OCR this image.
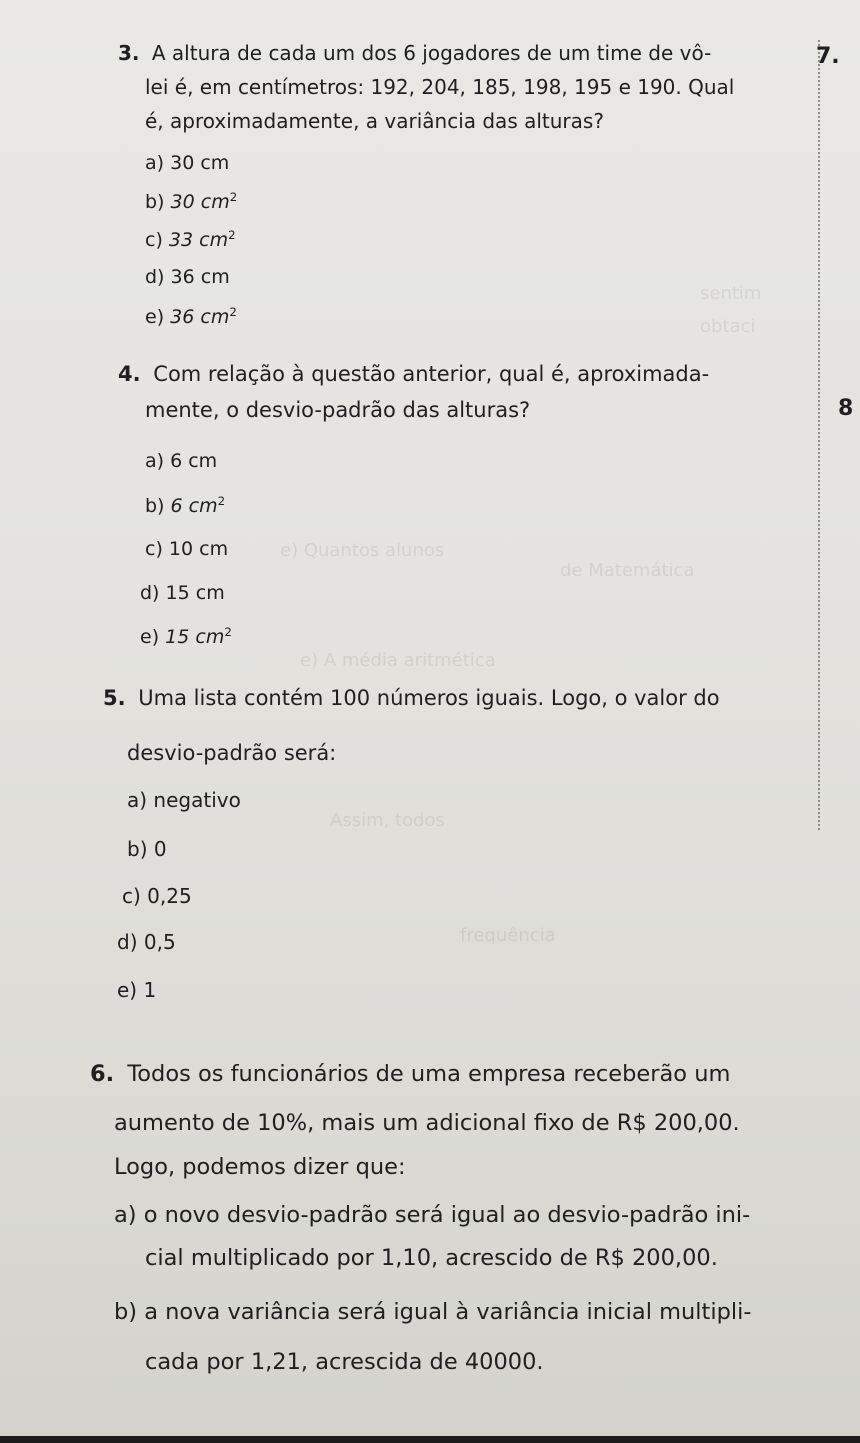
sentim
obtaci
e) Quantos alunos
de Matemática
e) A média aritmética
Assim, todos
frequência
7.
8
3. A altura de cada um dos 6 jogadores de um time de vô-
lei é, em centímetros: 192, 204, 185, 198, 195 e 190. Qual
é, aproximadamente, a variância das alturas?
a) 30 cm
b) 30 $cm^2$
c) 33 $cm^2$
d) 36 cm
e) 36 $cm^2$
4. Com relação à questão anterior, qual é, aproximada-
mente, o desvio-padrão das alturas?
a) 6 cm
b) 6 $cm^2$
c) 10 cm
d) 15 cm
e) 15 $cm^2$
5. Uma lista contém 100 números iguais. Logo, o valor do
desvio-padrão será:
a) negativo
b) 0
c) 0,25
d) 0,5
e) 1
6. Todos os funcionários de uma empresa receberão um
aumento de 10%, mais um adicional fixo de R$ 200,00.
Logo, podemos dizer que:
a) o novo desvio-padrão será igual ao desvio-padrão ini-
cial multiplicado por 1,10, acrescido de R$ 200,00.
b) a nova variância será igual à variância inicial multipli-
cada por 1,21, acrescida de 40000.
